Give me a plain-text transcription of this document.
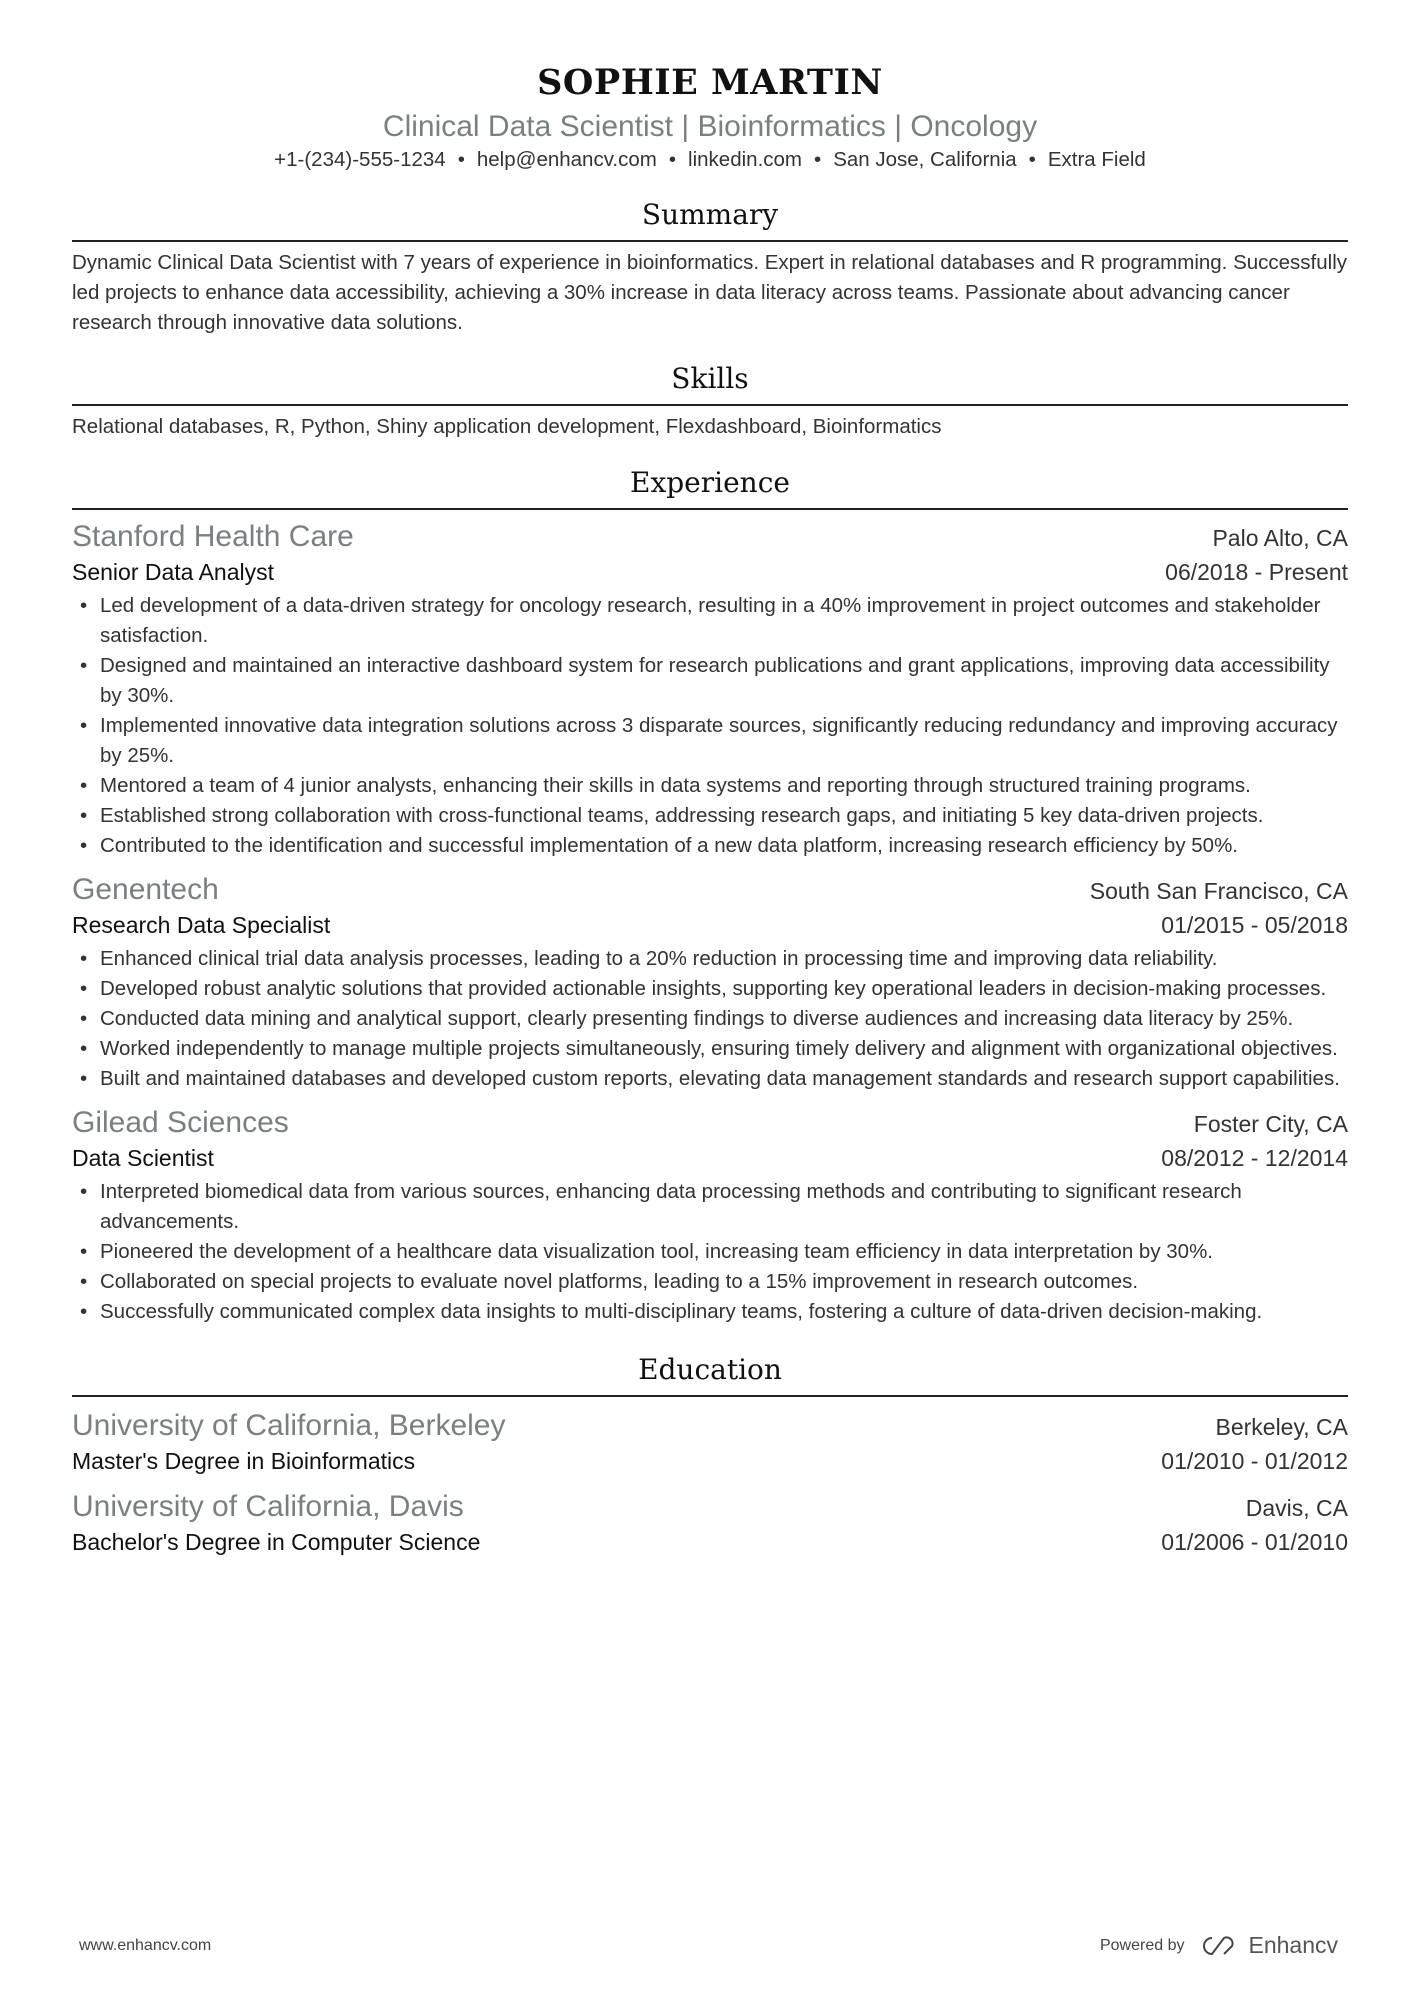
SOPHIE MARTIN
Clinical Data Scientist | Bioinformatics | Oncology
+1-(234)-555-1234 • help@enhancv.com • linkedin.com • San Jose, California • Extra Field
Summary
Dynamic Clinical Data Scientist with 7 years of experience in bioinformatics. Expert in relational databases and R programming. Successfully led projects to enhance data accessibility, achieving a 30% increase in data literacy across teams. Passionate about advancing cancer research through innovative data solutions.
Skills
Relational databases, R, Python, Shiny application development, Flexdashboard, Bioinformatics
Experience
Stanford Health Care	Palo Alto, CA
Senior Data Analyst	06/2018 - Present
• Led development of a data-driven strategy for oncology research, resulting in a 40% improvement in project outcomes and stakeholder satisfaction.
• Designed and maintained an interactive dashboard system for research publications and grant applications, improving data accessibility by 30%.
• Implemented innovative data integration solutions across 3 disparate sources, significantly reducing redundancy and improving accuracy by 25%.
• Mentored a team of 4 junior analysts, enhancing their skills in data systems and reporting through structured training programs.
• Established strong collaboration with cross-functional teams, addressing research gaps, and initiating 5 key data-driven projects.
• Contributed to the identification and successful implementation of a new data platform, increasing research efficiency by 50%.
Genentech	South San Francisco, CA
Research Data Specialist	01/2015 - 05/2018
• Enhanced clinical trial data analysis processes, leading to a 20% reduction in processing time and improving data reliability.
• Developed robust analytic solutions that provided actionable insights, supporting key operational leaders in decision-making processes.
• Conducted data mining and analytical support, clearly presenting findings to diverse audiences and increasing data literacy by 25%.
• Worked independently to manage multiple projects simultaneously, ensuring timely delivery and alignment with organizational objectives.
• Built and maintained databases and developed custom reports, elevating data management standards and research support capabilities.
Gilead Sciences	Foster City, CA
Data Scientist	08/2012 - 12/2014
• Interpreted biomedical data from various sources, enhancing data processing methods and contributing to significant research advancements.
• Pioneered the development of a healthcare data visualization tool, increasing team efficiency in data interpretation by 30%.
• Collaborated on special projects to evaluate novel platforms, leading to a 15% improvement in research outcomes.
• Successfully communicated complex data insights to multi-disciplinary teams, fostering a culture of data-driven decision-making.
Education
University of California, Berkeley	Berkeley, CA
Master's Degree in Bioinformatics	01/2010 - 01/2012
University of California, Davis	Davis, CA
Bachelor's Degree in Computer Science	01/2006 - 01/2010
www.enhancv.com	Powered by	Enhancv
